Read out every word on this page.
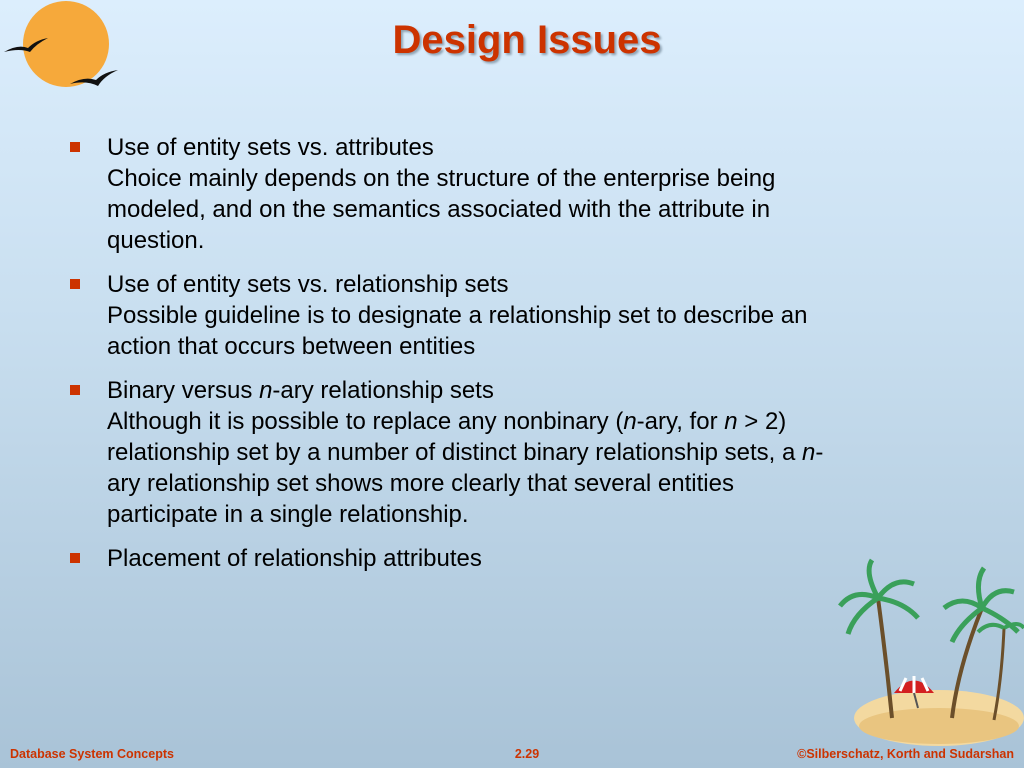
Design Issues
Use of entity sets vs. attributes
Choice mainly depends on the structure of the enterprise being
modeled, and on the semantics associated with the attribute in
question.
Use of entity sets vs. relationship sets
Possible guideline is to designate a relationship set to describe an
action that occurs between entities
Binary versus n-ary relationship sets
Although it is possible to replace any nonbinary (n-ary, for n > 2)
relationship set by a number of distinct binary relationship sets, a n-
ary relationship set shows more clearly that several entities
participate in a single relationship.
Placement of relationship attributes
Database System Concepts	2.29	©Silberschatz, Korth and Sudarshan
